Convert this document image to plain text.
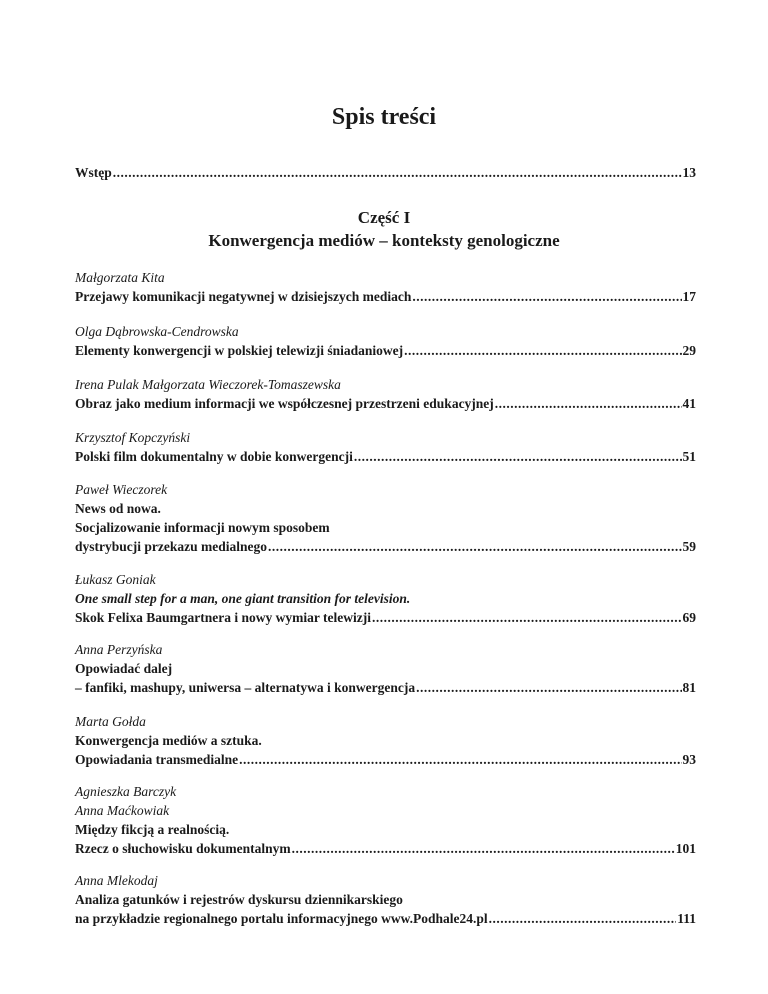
Spis treści
Wstęp .....	13
Część I
Konwergencja mediów – konteksty genologiczne
Małgorzata Kita
Przejawy komunikacji negatywnej w dzisiejszych mediach .....	17
Olga Dąbrowska-Cendrowska
Elementy konwergencji w polskiej telewizji śniadaniowej .....	29
Irena Pulak Małgorzata Wieczorek-Tomaszewska
Obraz jako medium informacji we współczesnej przestrzeni edukacyjnej .....	41
Krzysztof Kopczyński
Polski film dokumentalny w dobie konwergencji .....	51
Paweł Wieczorek
News od nowa.
Socjalizowanie informacji nowym sposobem
dystrybucji przekazu medialnego .....	59
Łukasz Goniak
One small step for a man, one giant transition for television.
Skok Felixa Baumgartnera i nowy wymiar telewizji .....	69
Anna Perzyńska
Opowiadać dalej
– fanfiki, mashupy, uniwersa – alternatywa i konwergencja .....	81
Marta Gołda
Konwergencja mediów a sztuka.
Opowiadania transmedialne .....	93
Agnieszka Barczyk
Anna Maćkowiak
Między fikcją a realnością.
Rzecz o słuchowisku dokumentalnym .....	101
Anna Mlekodaj
Analiza gatunków i rejestrów dyskursu dziennikarskiego
na przykładzie regionalnego portalu informacyjnego www.Podhale24.pl .....	111
